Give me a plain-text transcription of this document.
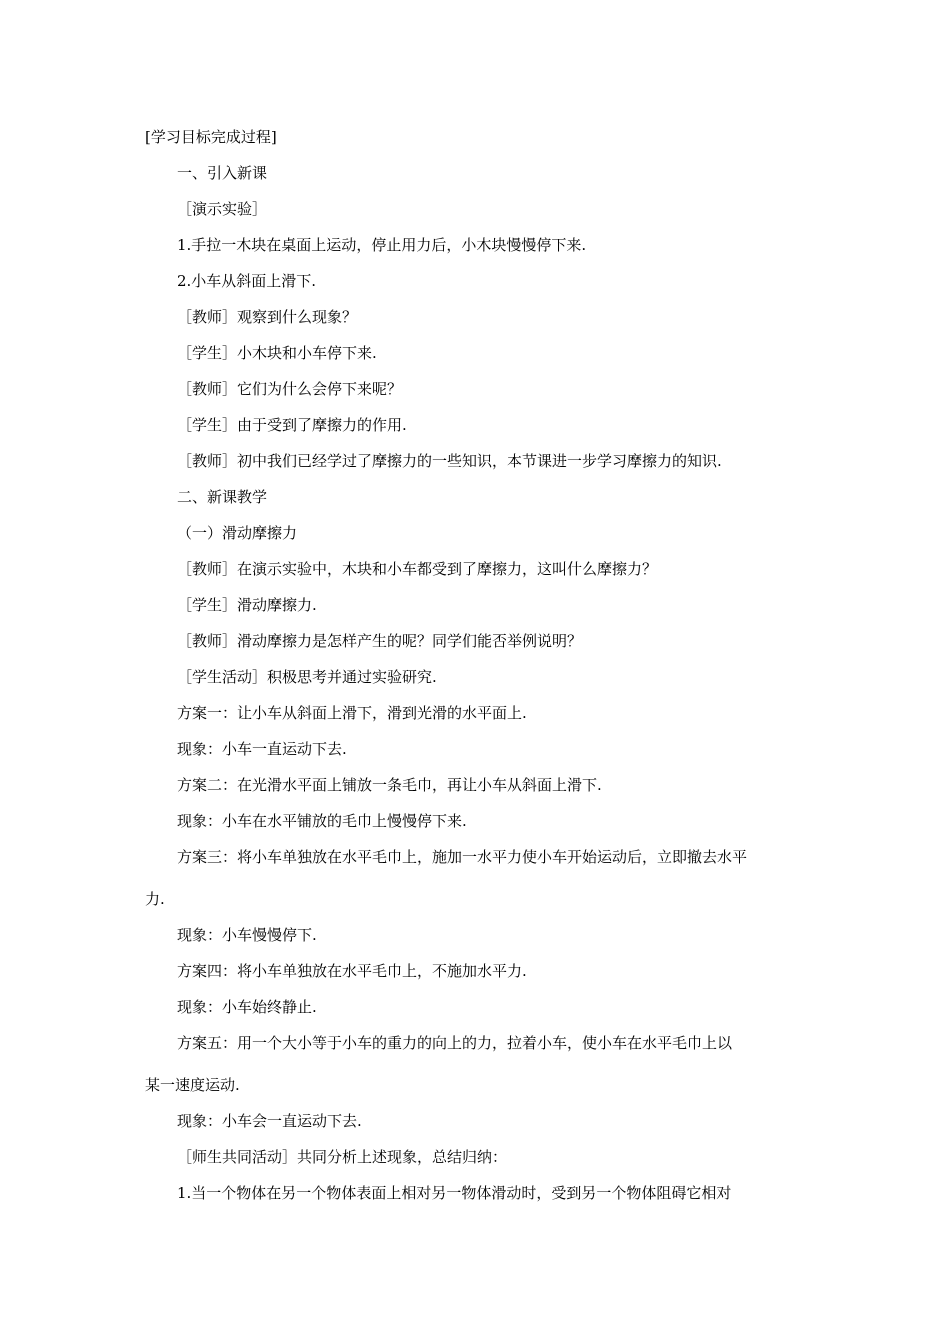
[学习目标完成过程]
一、引入新课
［演示实验］
1.手拉一木块在桌面上运动，停止用力后，小木块慢慢停下来.
2.小车从斜面上滑下.
［教师］观察到什么现象？
［学生］小木块和小车停下来.
［教师］它们为什么会停下来呢？
［学生］由于受到了摩擦力的作用.
［教师］初中我们已经学过了摩擦力的一些知识，本节课进一步学习摩擦力的知识.
二、新课教学
（一）滑动摩擦力
［教师］在演示实验中，木块和小车都受到了摩擦力，这叫什么摩擦力？
［学生］滑动摩擦力.
［教师］滑动摩擦力是怎样产生的呢？同学们能否举例说明？
［学生活动］积极思考并通过实验研究.
方案一：让小车从斜面上滑下，滑到光滑的水平面上.
现象：小车一直运动下去.
方案二：在光滑水平面上铺放一条毛巾，再让小车从斜面上滑下.
现象：小车在水平铺放的毛巾上慢慢停下来.
方案三：将小车单独放在水平毛巾上，施加一水平力使小车开始运动后，立即撤去水平
力.
现象：小车慢慢停下.
方案四：将小车单独放在水平毛巾上，不施加水平力.
现象：小车始终静止.
方案五：用一个大小等于小车的重力的向上的力，拉着小车，使小车在水平毛巾上以
某一速度运动.
现象：小车会一直运动下去.
［师生共同活动］共同分析上述现象，总结归纳：
1.当一个物体在另一个物体表面上相对另一物体滑动时，受到另一个物体阻碍它相对
